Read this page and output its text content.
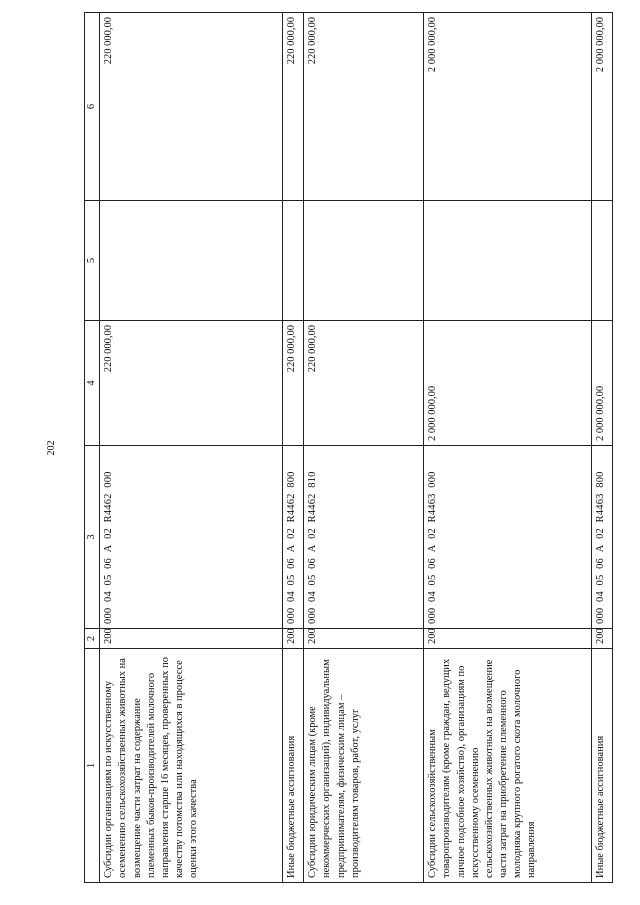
202
1	2	3	4	5	6
Субсидии организациям по искусственному осеменению сельскохозяйственных животных на возмещение части затрат на содержание племенных быков-производителей молочного направления старше 16 месяцев, проверенных по качеству потомства или находящихся в процессе оценки этого качества	200	000  04  05  06  А  02  R4462  000	220 000,00		220 000,00
Иные бюджетные ассигнования	200	000  04  05  06  А  02  R4462  800	220 000,00		220 000,00
Субсидии юридическим лицам (кроме некоммерческих организаций), индивидуальным предпринимателям, физическим лицам – производителям товаров, работ, услуг	200	000  04  05  06  А  02  R4462  810	220 000,00		220 000,00
Субсидии сельскохозяйственным товаропроизводителям (кроме граждан, ведущих личное подсобное хозяйство), организациям по искусственному осеменению сельскохозяйственных животных на возмещение части затрат на приобретение племенного молодняка крупного рогатого скота молочного направления	200	000  04  05  06  А  02  R4463  000	2 000 000,00		2 000 000,00
Иные бюджетные ассигнования	200	000  04  05  06  А  02  R4463  800	2 000 000,00		2 000 000,00
